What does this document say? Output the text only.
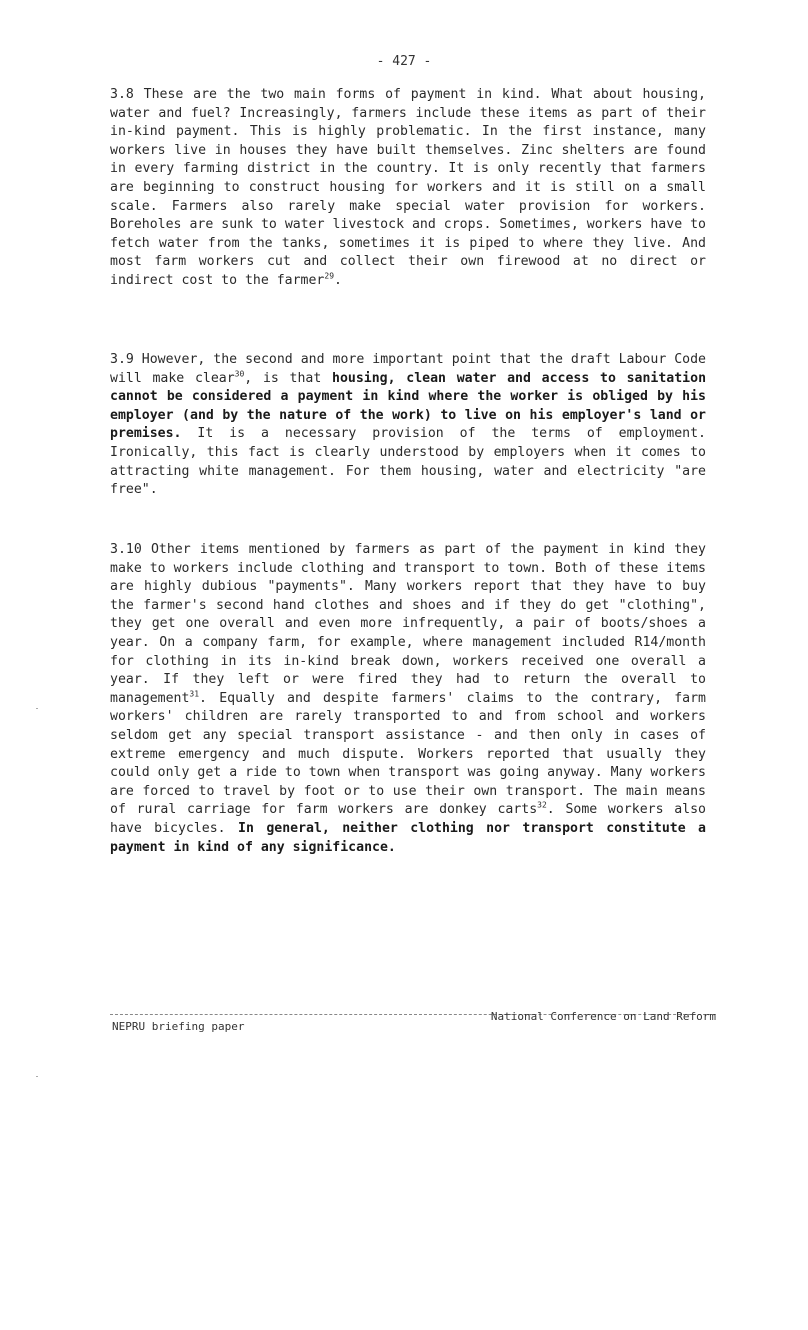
- 427 -

3.8 These are the two main forms of payment in kind. What about housing, water and fuel? Increasingly, farmers include these items as part of their in-kind payment. This is highly problematic. In the first instance, many workers live in houses they have built themselves. Zinc shelters are found in every farming district in the country. It is only recently that farmers are beginning to construct housing for workers and it is still on a small scale. Farmers also rarely make special water provision for workers. Boreholes are sunk to water livestock and crops. Sometimes, workers have to fetch water from the tanks, sometimes it is piped to where they live. And most farm workers cut and collect their own firewood at no direct or indirect cost to the farmer$^{29}$.

3.9 However, the second and more important point that the draft Labour Code will make clear$^{30}$, is that housing, clean water and access to sanitation cannot be considered a payment in kind where the worker is obliged by his employer (and by the nature of the work) to live on his employer's land or premises. It is a necessary provision of the terms of employment. Ironically, this fact is clearly understood by employers when it comes to attracting white management. For them housing, water and electricity "are free".

3.10 Other items mentioned by farmers as part of the payment in kind they make to workers include clothing and transport to town. Both of these items are highly dubious "payments". Many workers report that they have to buy the farmer's second hand clothes and shoes and if they do get "clothing", they get one overall and even more infrequently, a pair of boots/shoes a year. On a company farm, for example, where management included R14/month for clothing in its in-kind break down, workers received one overall a year. If they left or were fired they had to return the overall to management$^{31}$. Equally and despite farmers' claims to the contrary, farm workers' children are rarely transported to and from school and workers seldom get any special transport assistance - and then only in cases of extreme emergency and much dispute. Workers reported that usually they could only get a ride to town when transport was going anyway. Many workers are forced to travel by foot or to use their own transport. The main means of rural carriage for farm workers are donkey carts$^{32}$. Some workers also have bicycles. In general, neither clothing nor transport constitute a payment in kind of any significance.

NEPRU briefing paper
National Conference on Land Reform
